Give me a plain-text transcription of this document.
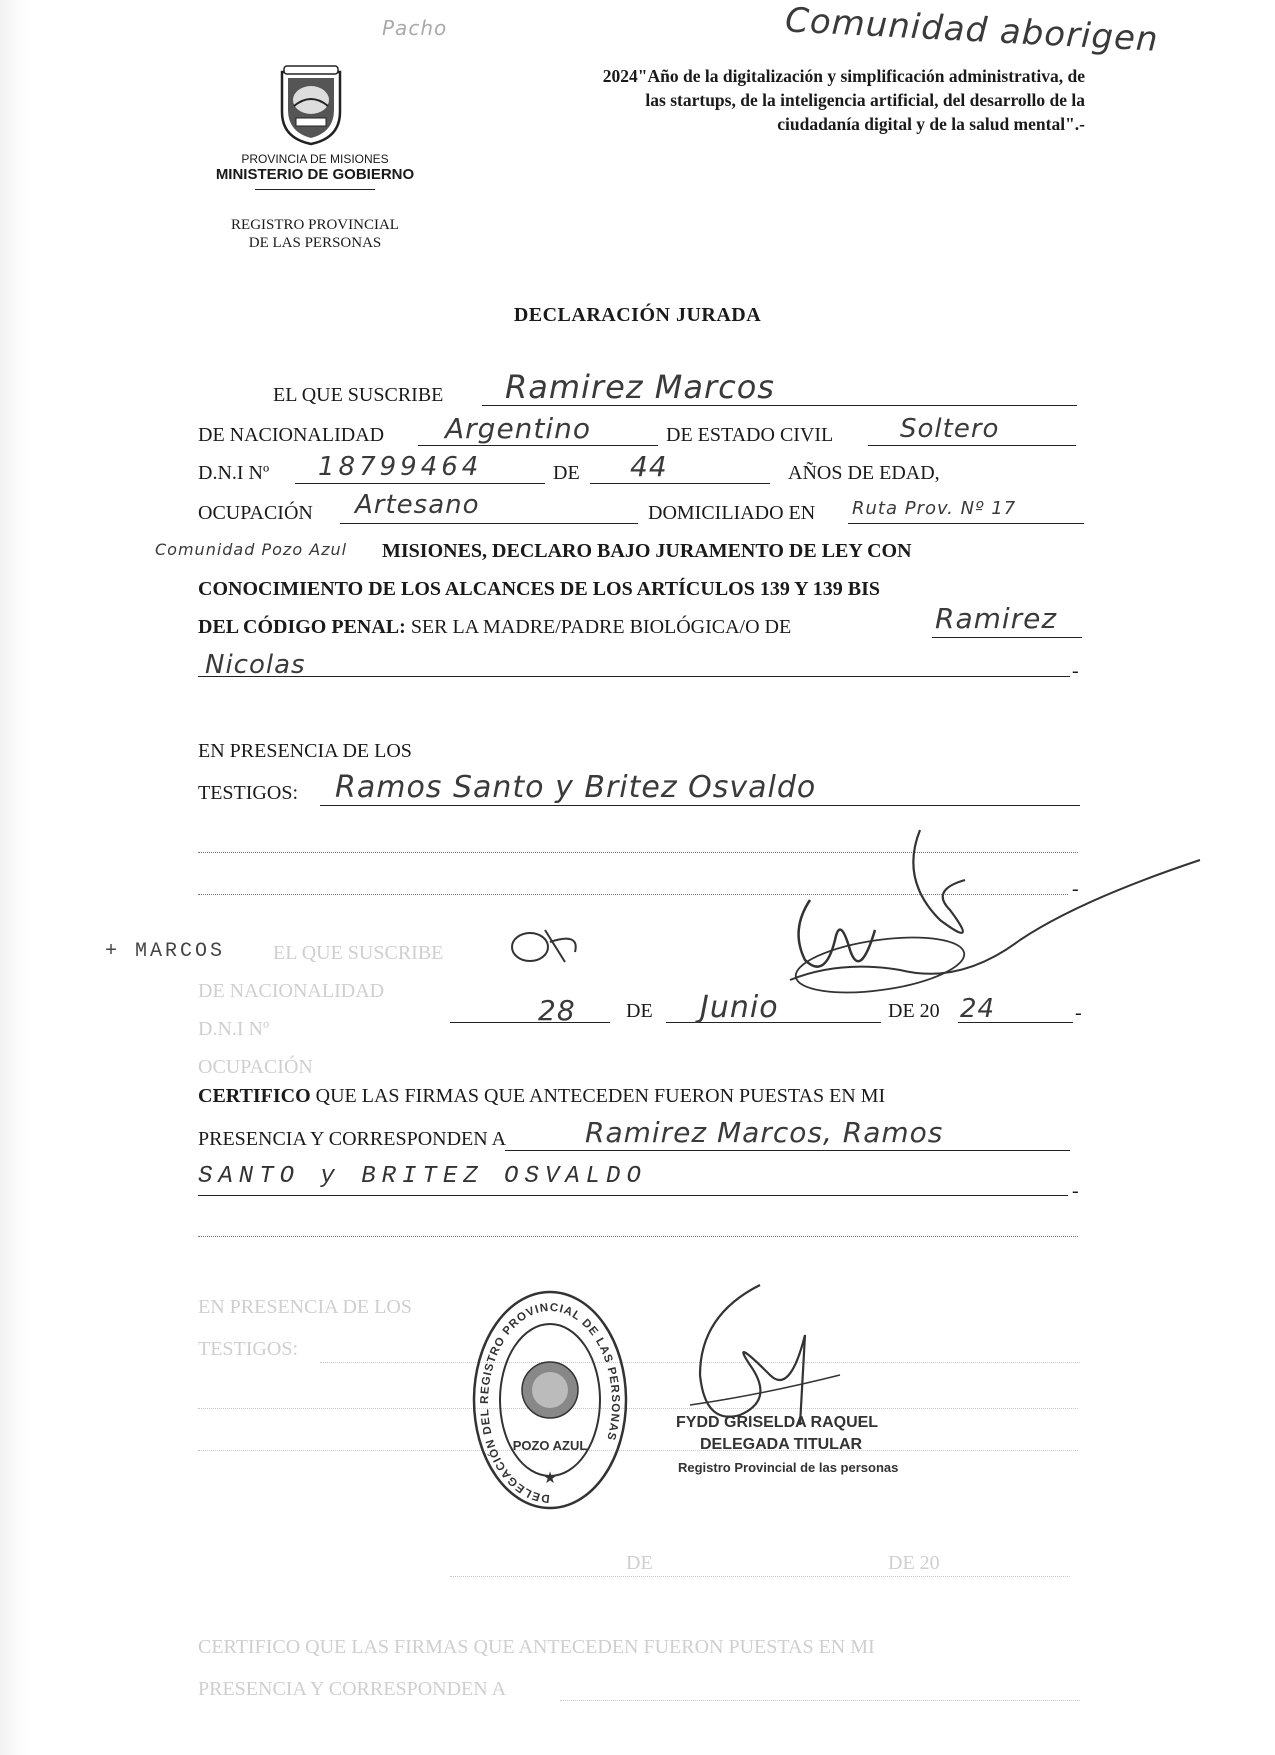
Pacho	Comunidad aborigen
2024"Año de la digitalización y simplificación administrativa, de las startups, de la inteligencia artificial, del desarrollo de la ciudadanía digital y de la salud mental".-
PROVINCIA DE MISIONES
MINISTERIO DE GOBIERNO
REGISTRO PROVINCIAL
DE LAS PERSONAS
DECLARACIÓN JURADA
EL QUE SUSCRIBE Ramirez Marcos
DE NACIONALIDAD Argentino	DE ESTADO CIVIL	Soltero
D.N.I Nº 18799464	DE 44	AÑOS DE EDAD,
OCUPACIÓN Artesano	DOMICILIADO EN Ruta Prov. Nº 17
Comunidad Pozo Azul MISIONES, DECLARO BAJO JURAMENTO DE LEY CON
CONOCIMIENTO DE LOS ALCANCES DE LOS ARTÍCULOS 139 Y 139 BIS
DEL CÓDIGO PENAL: SER LA MADRE/PADRE BIOLÓGICA/O DE	Ramirez
Nicolas	-
EN PRESENCIA DE LOS
TESTIGOS: Ramos Santo y Britez Osvaldo
-
+ MARCOS EL QUE SUSCRIBE
DE NACIONALIDAD
D.N.I Nº
OCUPACIÓN
28	DE Junio	DE 20 24	-
CERTIFICO QUE LAS FIRMAS QUE ANTECEDEN FUERON PUESTAS EN MI
PRESENCIA Y CORRESPONDEN A	Ramirez Marcos, Ramos
SANTO y BRITEZ OSVALDO
-
EN PRESENCIA DE LOS
TESTIGOS:
DE	DE 20
CERTIFICO QUE LAS FIRMAS QUE ANTECEDEN FUERON PUESTAS EN MI
PRESENCIA Y CORRESPONDEN A
DELEGACIÓN DEL REGISTRO PROVINCIAL DE LAS PERSONAS
POZO AZUL
★
FYDD GRISELDA RAQUEL
DELEGADA TITULAR
Registro Provincial de las personas
